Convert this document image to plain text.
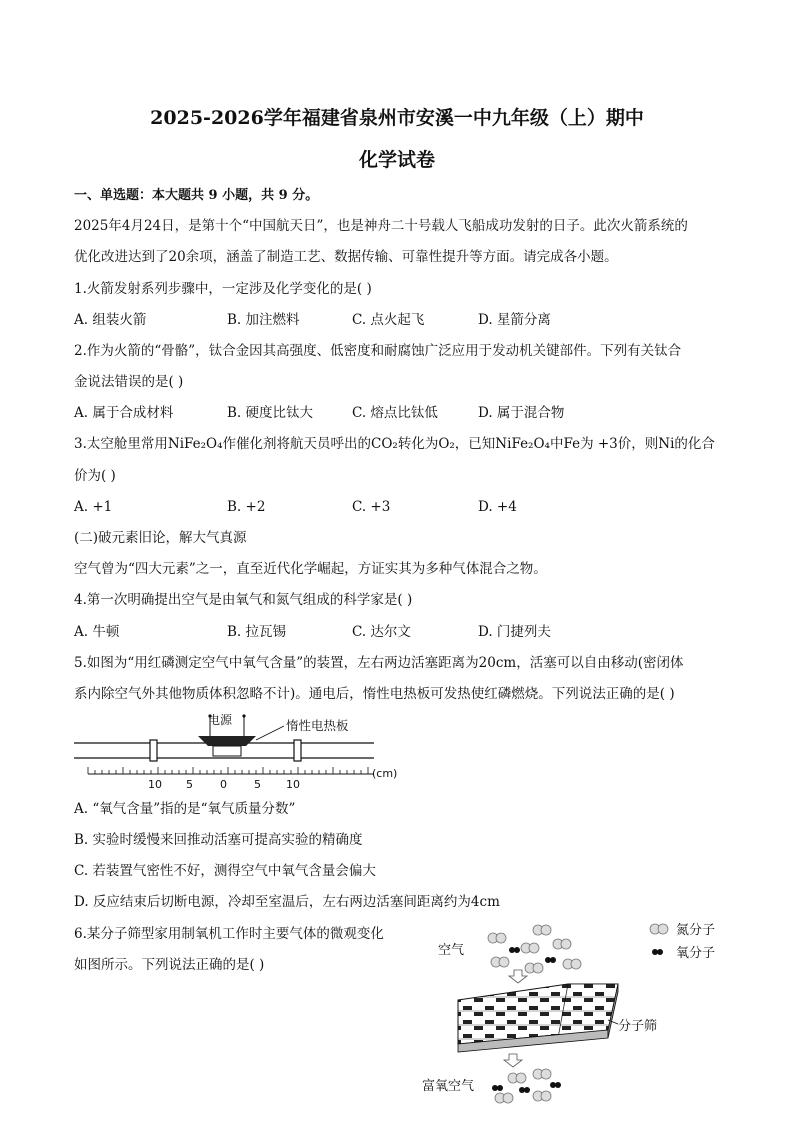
2025-2026学年福建省泉州市安溪一中九年级（上）期中
化学试卷
一、单选题：本大题共 9 小题，共 9 分。
2025年4月24日，是第十个“中国航天日”，也是神舟二十号载人飞船成功发射的日子。此次火箭系统的
优化改进达到了20余项，涵盖了制造工艺、数据传输、可靠性提升等方面。请完成各小题。
1.火箭发射系列步骤中，一定涉及化学变化的是( )
A. 组装火箭	B. 加注燃料	C. 点火起飞	D. 星箭分离
2.作为火箭的“骨骼”，钛合金因其高强度、低密度和耐腐蚀广泛应用于发动机关键部件。下列有关钛合
金说法错误的是( )
A. 属于合成材料	B. 硬度比钛大	C. 熔点比钛低	D. 属于混合物
3.太空舱里常用NiFe₂O₄作催化剂将航天员呼出的CO₂转化为O₂，已知NiFe₂O₄中Fe为 +3价，则Ni的化合
价为( )
A. +1	B. +2	C. +3	D. +4
(二)破元素旧论，解大气真源
空气曾为“四大元素”之一，直至近代化学崛起，方证实其为多种气体混合之物。
4.第一次明确提出空气是由氧气和氮气组成的科学家是( )
A. 牛顿	B. 拉瓦锡	C. 达尔文	D. 门捷列夫
5.如图为“用红磷测定空气中氧气含量”的装置，左右两边活塞距离为20cm，活塞可以自由移动(密闭体
系内除空气外其他物质体积忽略不计)。通电后，惰性电热板可发热使红磷燃烧。下列说法正确的是( )
电源	惰性电热板
10 5 0 5 10
(cm)
A. “氧气含量”指的是“氧气质量分数”
B. 实验时缓慢来回推动活塞可提高实验的精确度
C. 若装置气密性不好，测得空气中氧气含量会偏大
D. 反应结束后切断电源，冷却至室温后，左右两边活塞间距离约为4cm
6.某分子筛型家用制氧机工作时主要气体的微观变化
如图所示。下列说法正确的是( )
空气
氮分子
氧分子
分子筛
富氧空气
